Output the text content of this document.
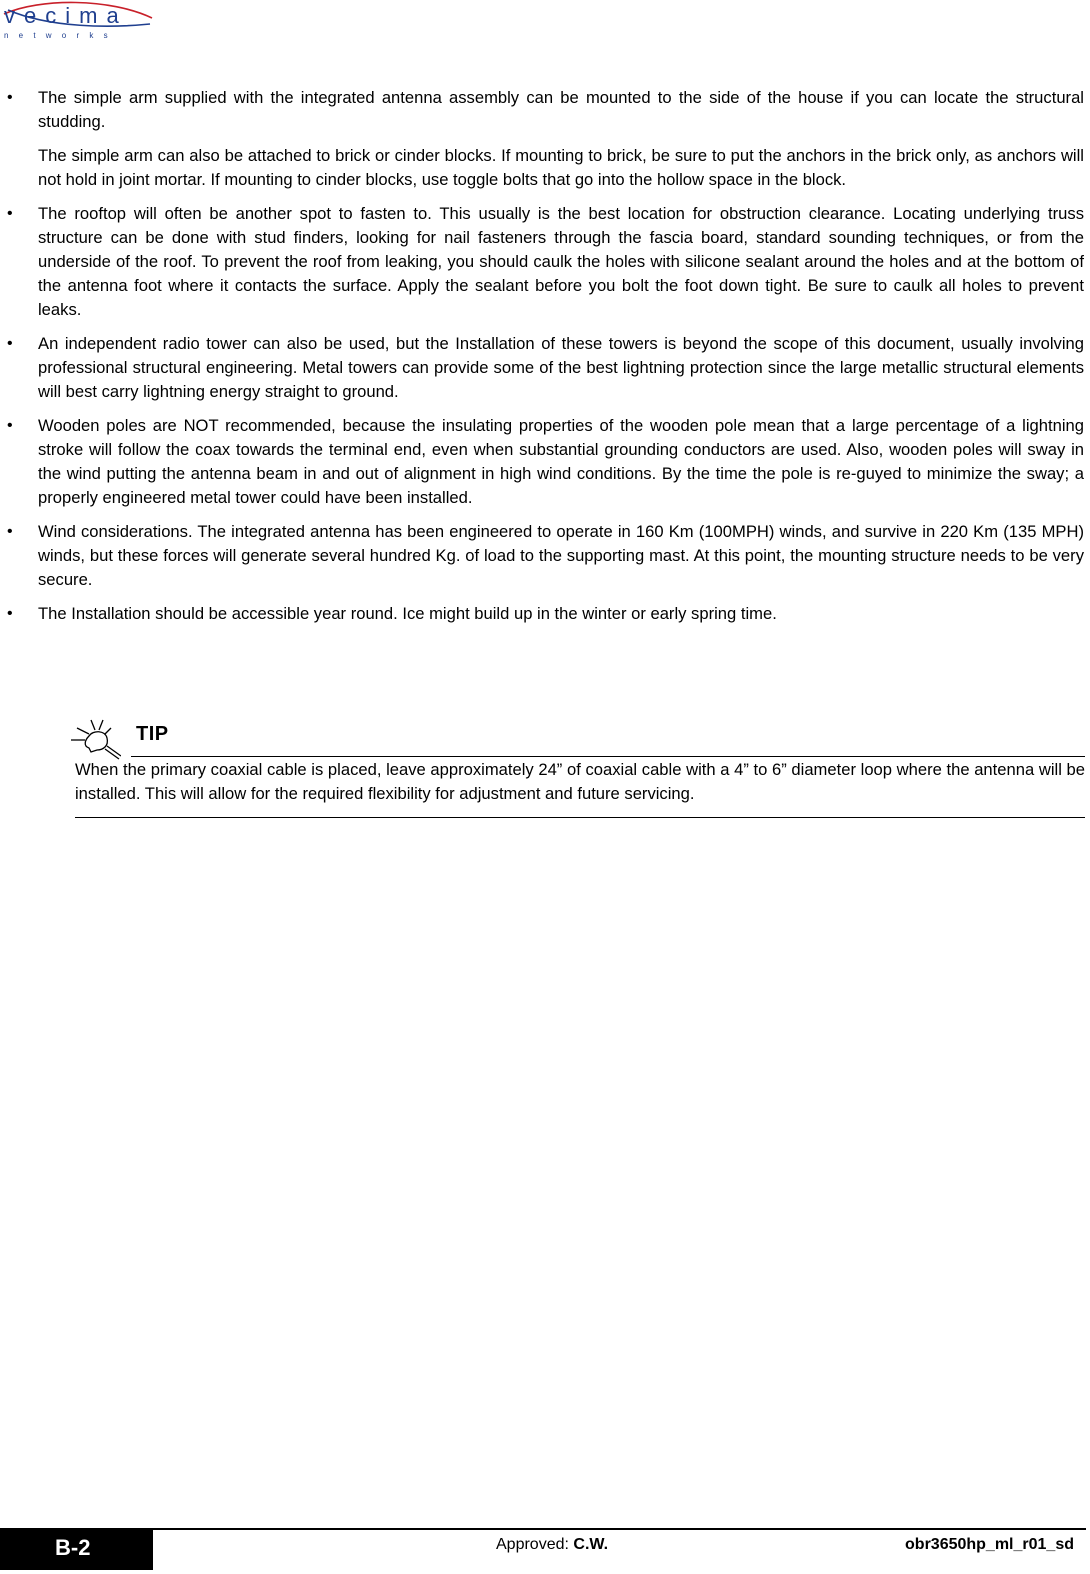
vecima
n e t w o r k s
• The simple arm supplied with the integrated antenna assembly can be mounted to the side of the house if you can locate the structural studding.

The simple arm can also be attached to brick or cinder blocks. If mounting to brick, be sure to put the anchors in the brick only, as anchors will not hold in joint mortar. If mounting to cinder blocks, use toggle bolts that go into the hollow space in the block.

• The rooftop will often be another spot to fasten to. This usually is the best location for obstruction clearance. Locating underlying truss structure can be done with stud finders, looking for nail fasteners through the fascia board, standard sounding techniques, or from the underside of the roof. To prevent the roof from leaking, you should caulk the holes with silicone sealant around the holes and at the bottom of the antenna foot where it contacts the surface. Apply the sealant before you bolt the foot down tight. Be sure to caulk all holes to prevent leaks.

• An independent radio tower can also be used, but the Installation of these towers is beyond the scope of this document, usually involving professional structural engineering. Metal towers can provide some of the best lightning protection since the large metallic structural elements will best carry lightning energy straight to ground.

• Wooden poles are NOT recommended, because the insulating properties of the wooden pole mean that a large percentage of a lightning stroke will follow the coax towards the terminal end, even when substantial grounding conductors are used. Also, wooden poles will sway in the wind putting the antenna beam in and out of alignment in high wind conditions. By the time the pole is re-guyed to minimize the sway; a properly engineered metal tower could have been installed.

• Wind considerations. The integrated antenna has been engineered to operate in 160 Km (100MPH) winds, and survive in 220 Km (135 MPH) winds, but these forces will generate several hundred Kg. of load to the supporting mast. At this point, the mounting structure needs to be very secure.

• The Installation should be accessible year round. Ice might build up in the winter or early spring time.

TIP

When the primary coaxial cable is placed, leave approximately 24” of coaxial cable with a 4” to 6” diameter loop where the antenna will be installed. This will allow for the required flexibility for adjustment and future servicing.

B-2	Approved: C.W.	obr3650hp_ml_r01_sd
